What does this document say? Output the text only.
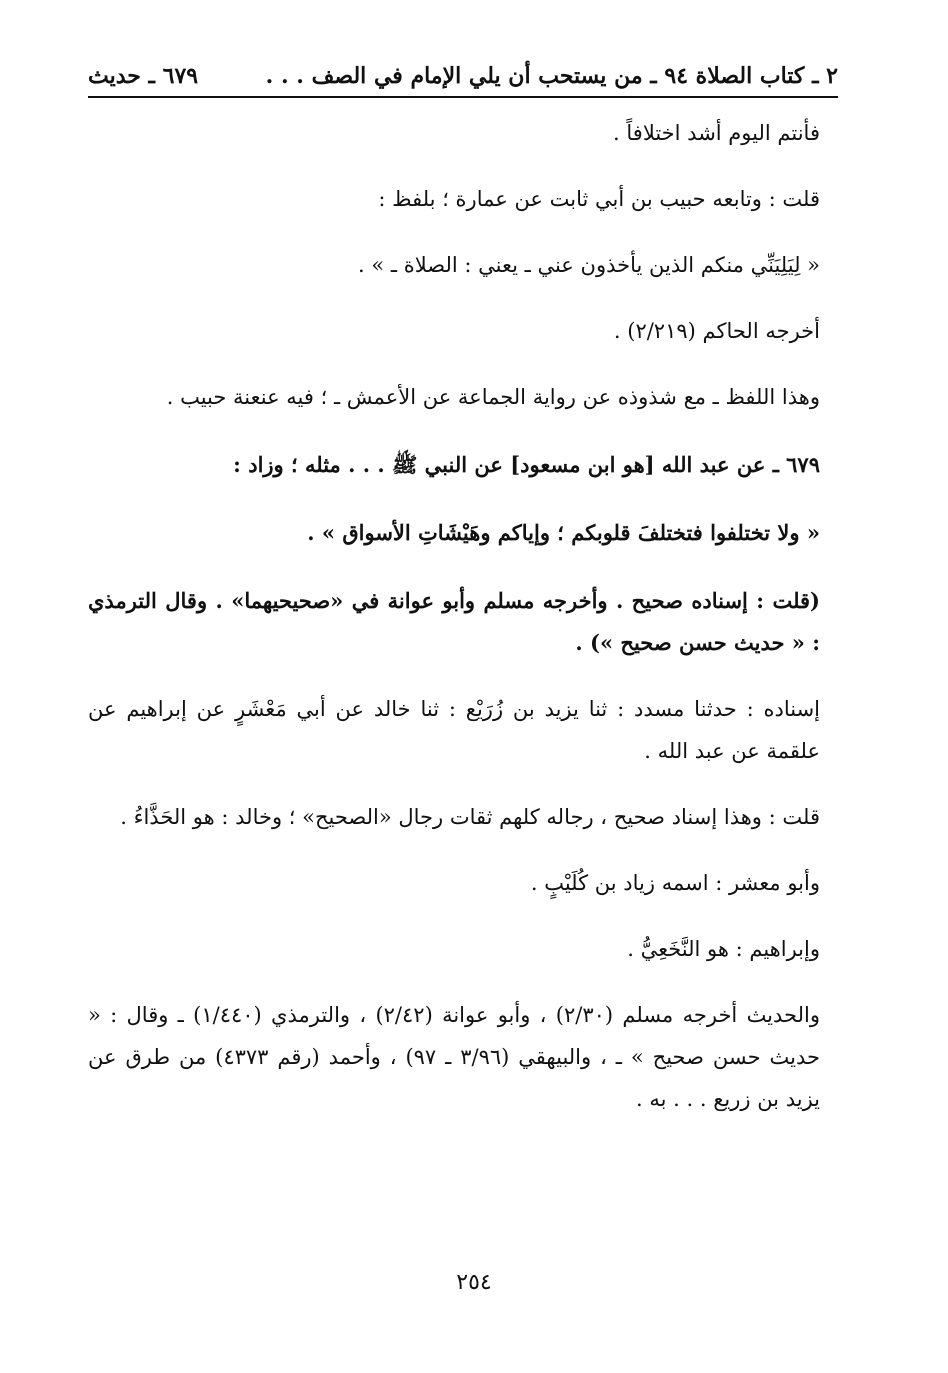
٢ ـ كتاب الصلاة ٩٤ ـ من يستحب أن يلي الإمام في الصف . . .
٦٧٩ ـ حديث

فأنتم اليوم أشد اختلافاً .

قلت : وتابعه حبيب بن أبي ثابت عن عمارة ؛ بلفظ :

« لِيَلِيَنِّي منكم الذين يأخذون عني ـ يعني : الصلاة ـ » .

أخرجه الحاكم (٢/٢١٩) .

وهذا اللفظ ـ مع شذوذه عن رواية الجماعة عن الأعمش ـ ؛ فيه عنعنة حبيب .

٦٧٩ ـ عن عبد الله [هو ابن مسعود] عن النبي ﷺ . . . مثله ؛ وزاد :

« ولا تختلفوا فتختلفَ قلوبكم ؛ وإياكم وهَيْشَاتِ الأسواق » .

(قلت : إسناده صحيح . وأخرجه مسلم وأبو عوانة في «صحيحيهما» . وقال الترمذي : « حديث حسن صحيح ») .

إسناده : حدثنا مسدد : ثنا يزيد بن زُرَيْع : ثنا خالد عن أبي مَعْشَرٍ عن إبراهيم عن علقمة عن عبد الله .

قلت : وهذا إسناد صحيح ، رجاله كلهم ثقات رجال «الصحيح» ؛ وخالد : هو الحَذَّاءُ .

وأبو معشر : اسمه زياد بن كُلَيْبٍ .

وإبراهيم : هو النَّخَعِيُّ .

والحديث أخرجه مسلم (٢/٣٠) ، وأبو عوانة (٢/٤٢) ، والترمذي (١/٤٤٠) ـ وقال : « حديث حسن صحيح » ـ ، والبيهقي (٣/٩٦ ـ ٩٧) ، وأحمد (رقم ٤٣٧٣) من طرق عن يزيد بن زريع . . . به .

٢٥٤
